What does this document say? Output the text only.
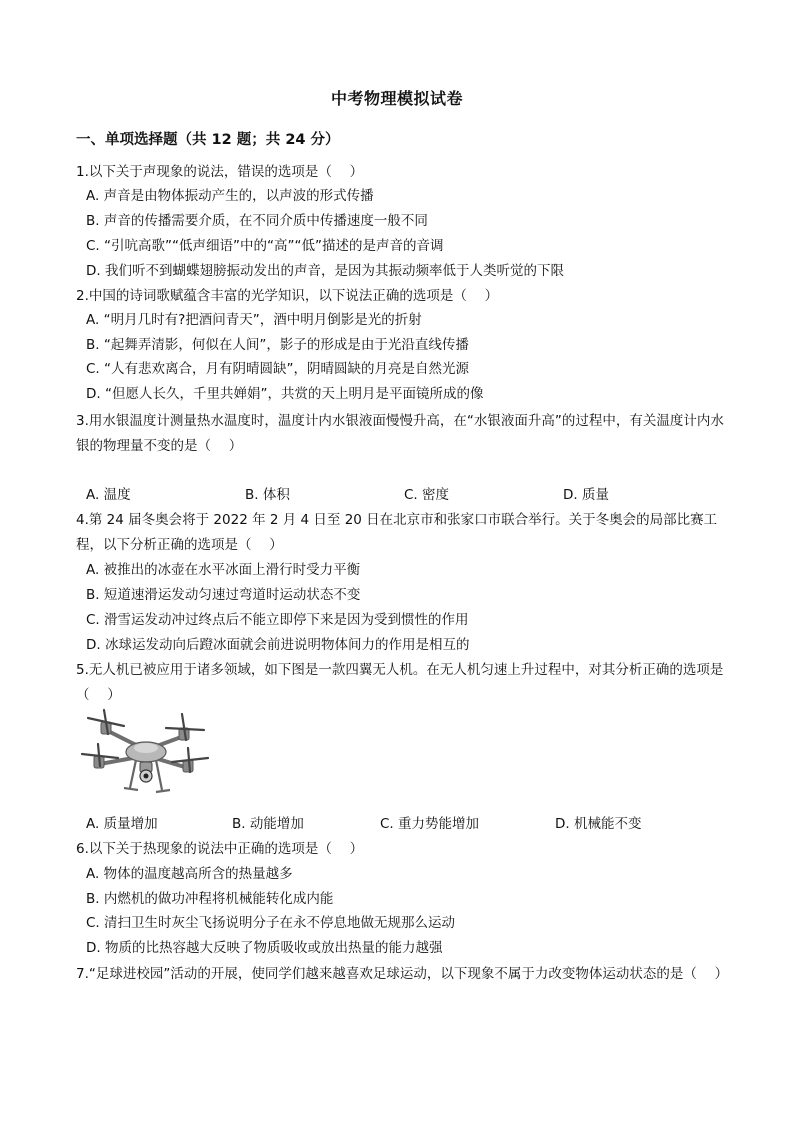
中考物理模拟试卷
一、单项选择题（共 12 题；共 24 分）
1.以下关于声现象的说法，错误的选项是（　 ）
A. 声音是由物体振动产生的，以声波的形式传播
B. 声音的传播需要介质，在不同介质中传播速度一般不同
C. “引吭高歌”“低声细语”中的“高”“低”描述的是声音的音调
D. 我们听不到蝴蝶翅膀振动发出的声音，是因为其振动频率低于人类听觉的下限
2.中国的诗词歌赋蕴含丰富的光学知识，以下说法正确的选项是（　 ）
A. “明月几时有?把酒问青天”，酒中明月倒影是光的折射
B. “起舞弄清影，何似在人间”，影子的形成是由于光沿直线传播
C. “人有悲欢离合，月有阴晴圆缺”，阴晴圆缺的月亮是自然光源
D. “但愿人长久，千里共婵娟”，共赏的天上明月是平面镜所成的像
3.用水银温度计测量热水温度时，温度计内水银液面慢慢升高，在“水银液面升高”的过程中，有关温度计内水银的物理量不变的是（　 ）
A. 温度	B. 体积	C. 密度	D. 质量
4.第 24 届冬奥会将于 2022 年 2 月 4 日至 20 日在北京市和张家口市联合举行。关于冬奥会的局部比赛工程，以下分析正确的选项是（　 ）
A. 被推出的冰壶在水平冰面上滑行时受力平衡
B. 短道速滑运发动匀速过弯道时运动状态不变
C. 滑雪运发动冲过终点后不能立即停下来是因为受到惯性的作用
D. 冰球运发动向后蹬冰面就会前进说明物体间力的作用是相互的
5.无人机已被应用于诸多领域，如下图是一款四翼无人机。在无人机匀速上升过程中，对其分析正确的选项是（　 ）
A. 质量增加	B. 动能增加	C. 重力势能增加	D. 机械能不变
6.以下关于热现象的说法中正确的选项是（　 ）
A. 物体的温度越高所含的热量越多
B. 内燃机的做功冲程将机械能转化成内能
C. 清扫卫生时灰尘飞扬说明分子在永不停息地做无规那么运动
D. 物质的比热容越大反映了物质吸收或放出热量的能力越强
7.“足球进校园”活动的开展，使同学们越来越喜欢足球运动，以下现象不属于力改变物体运动状态的是（　 ）
